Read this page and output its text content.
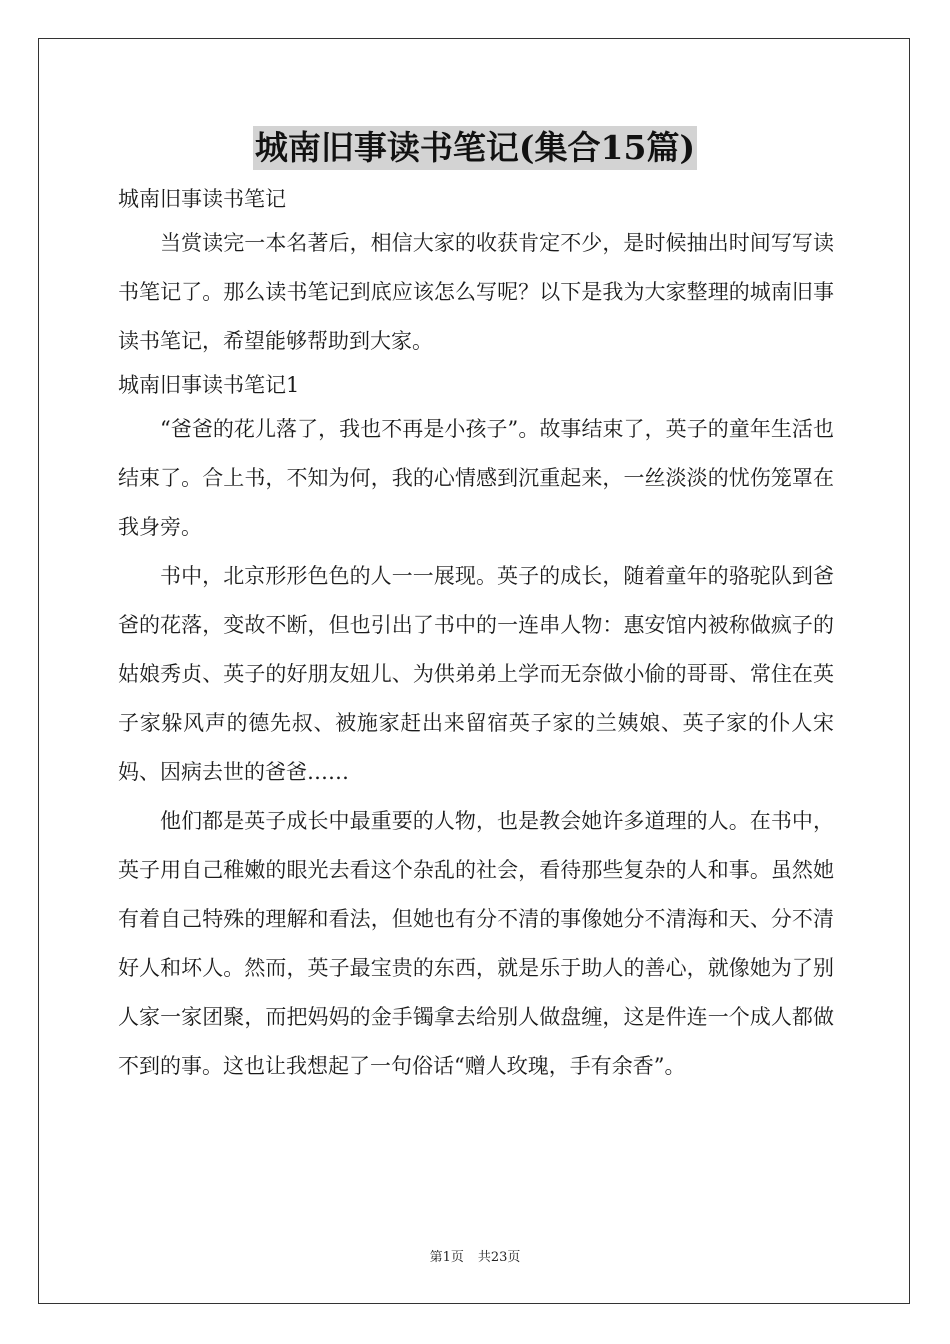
城南旧事读书笔记(集合15篇)
城南旧事读书笔记

当赏读完一本名著后，相信大家的收获肯定不少，是时候抽出时间写写读书笔记了。那么读书笔记到底应该怎么写呢？以下是我为大家整理的城南旧事读书笔记，希望能够帮助到大家。

城南旧事读书笔记1

“爸爸的花儿落了，我也不再是小孩子”。故事结束了，英子的童年生活也结束了。合上书，不知为何，我的心情感到沉重起来，一丝淡淡的忧伤笼罩在我身旁。

书中，北京形形色色的人一一展现。英子的成长，随着童年的骆驼队到爸爸的花落，变故不断，但也引出了书中的一连串人物：惠安馆内被称做疯子的姑娘秀贞、英子的好朋友妞儿、为供弟弟上学而无奈做小偷的哥哥、常住在英子家躲风声的德先叔、被施家赶出来留宿英子家的兰姨娘、英子家的仆人宋妈、因病去世的爸爸……

他们都是英子成长中最重要的人物，也是教会她许多道理的人。在书中，英子用自己稚嫩的眼光去看这个杂乱的社会，看待那些复杂的人和事。虽然她有着自己特殊的理解和看法，但她也有分不清的事像她分不清海和天、分不清好人和坏人。然而，英子最宝贵的东西，就是乐于助人的善心，就像她为了别人家一家团聚，而把妈妈的金手镯拿去给别人做盘缠，这是件连一个成人都做不到的事。这也让我想起了一句俗话“赠人玫瑰，手有余香”。

第1页 共23页
